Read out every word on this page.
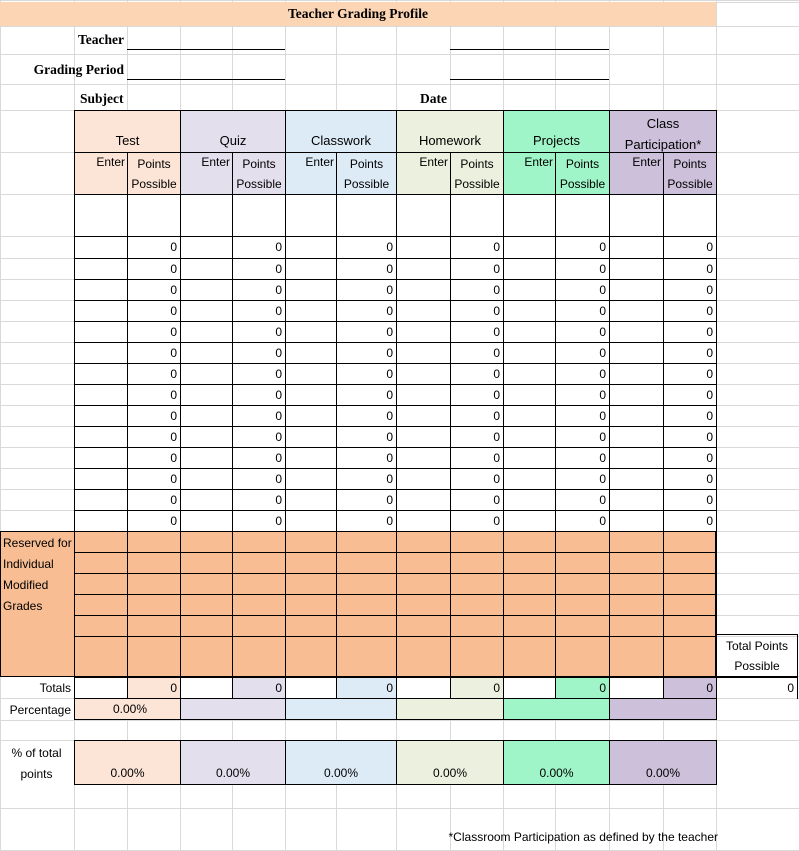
Teacher Grading Profile
Teacher
Grading Period
Subject	Date
Test
Enter	Points Possible
Quiz
Enter	Points Possible
Classwork
Enter	Points Possible
Homework
Enter	Points Possible
Projects
Enter	Points Possible
Class Participation*
Enter	Points Possible
0	0	0	0	0	0
0	0	0	0	0	0
0	0	0	0	0	0
0	0	0	0	0	0
0	0	0	0	0	0
0	0	0	0	0	0
0	0	0	0	0	0
0	0	0	0	0	0
0	0	0	0	0	0
0	0	0	0	0	0
0	0	0	0	0	0
0	0	0	0	0	0
0	0	0	0	0	0
0	0	0	0	0	0
Reserved for Individual Modified Grades
Total Points Possible
Totals	0	0	0	0	0	0	0
Percentage	0.00%
% of total points	0.00%	0.00%	0.00%	0.00%	0.00%	0.00%
*Classroom Participation as defined by the teacher
